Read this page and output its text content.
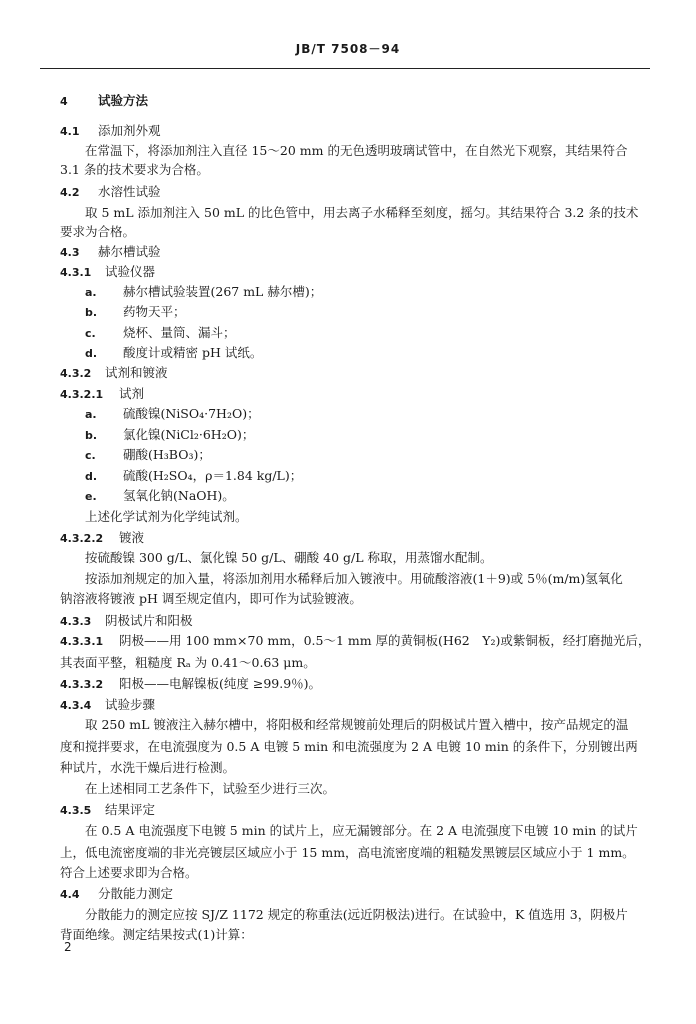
JB/T 7508－94
4 试验方法
4.1 添加剂外观
在常温下，将添加剂注入直径 15～20 mm 的无色透明玻璃试管中，在自然光下观察，其结果符合
3.1 条的技术要求为合格。
4.2 水溶性试验
取 5 mL 添加剂注入 50 mL 的比色管中，用去离子水稀释至刻度，摇匀。其结果符合 3.2 条的技术
要求为合格。
4.3 赫尔槽试验
4.3.1 试验仪器
a. 赫尔槽试验装置(267 mL 赫尔槽)；
b. 药物天平；
c. 烧杯、量筒、漏斗；
d. 酸度计或精密 pH 试纸。
4.3.2 试剂和镀液
4.3.2.1 试剂
a. 硫酸镍(NiSO₄·7H₂O)；
b. 氯化镍(NiCl₂·6H₂O)；
c. 硼酸(H₃BO₃)；
d. 硫酸(H₂SO₄，ρ＝1.84 kg/L)；
e. 氢氧化钠(NaOH)。
上述化学试剂为化学纯试剂。
4.3.2.2 镀液
按硫酸镍 300 g/L、氯化镍 50 g/L、硼酸 40 g/L 称取，用蒸馏水配制。
按添加剂规定的加入量，将添加剂用水稀释后加入镀液中。用硫酸溶液(1＋9)或 5％(m/m)氢氧化
钠溶液将镀液 pH 调至规定值内，即可作为试验镀液。
4.3.3 阴极试片和阳极
4.3.3.1 阴极——用 100 mm×70 mm，0.5～1 mm 厚的黄铜板(H62　Y₂)或紫铜板，经打磨抛光后，
其表面平整，粗糙度 Rₐ 为 0.41～0.63 μm。
4.3.3.2 阳极——电解镍板(纯度 ≥99.9％)。
4.3.4 试验步骤
取 250 mL 镀液注入赫尔槽中，将阳极和经常规镀前处理后的阴极试片置入槽中，按产品规定的温
度和搅拌要求，在电流强度为 0.5 A 电镀 5 min 和电流强度为 2 A 电镀 10 min 的条件下，分别镀出两
种试片，水洗干燥后进行检测。
在上述相同工艺条件下，试验至少进行三次。
4.3.5 结果评定
在 0.5 A 电流强度下电镀 5 min 的试片上，应无漏镀部分。在 2 A 电流强度下电镀 10 min 的试片
上，低电流密度端的非光亮镀层区域应小于 15 mm，高电流密度端的粗糙发黑镀层区域应小于 1 mm。
符合上述要求即为合格。
4.4 分散能力测定
分散能力的测定应按 SJ/Z 1172 规定的称重法(远近阴极法)进行。在试验中，K 值选用 3，阴极片
背面绝缘。测定结果按式(1)计算：
2
